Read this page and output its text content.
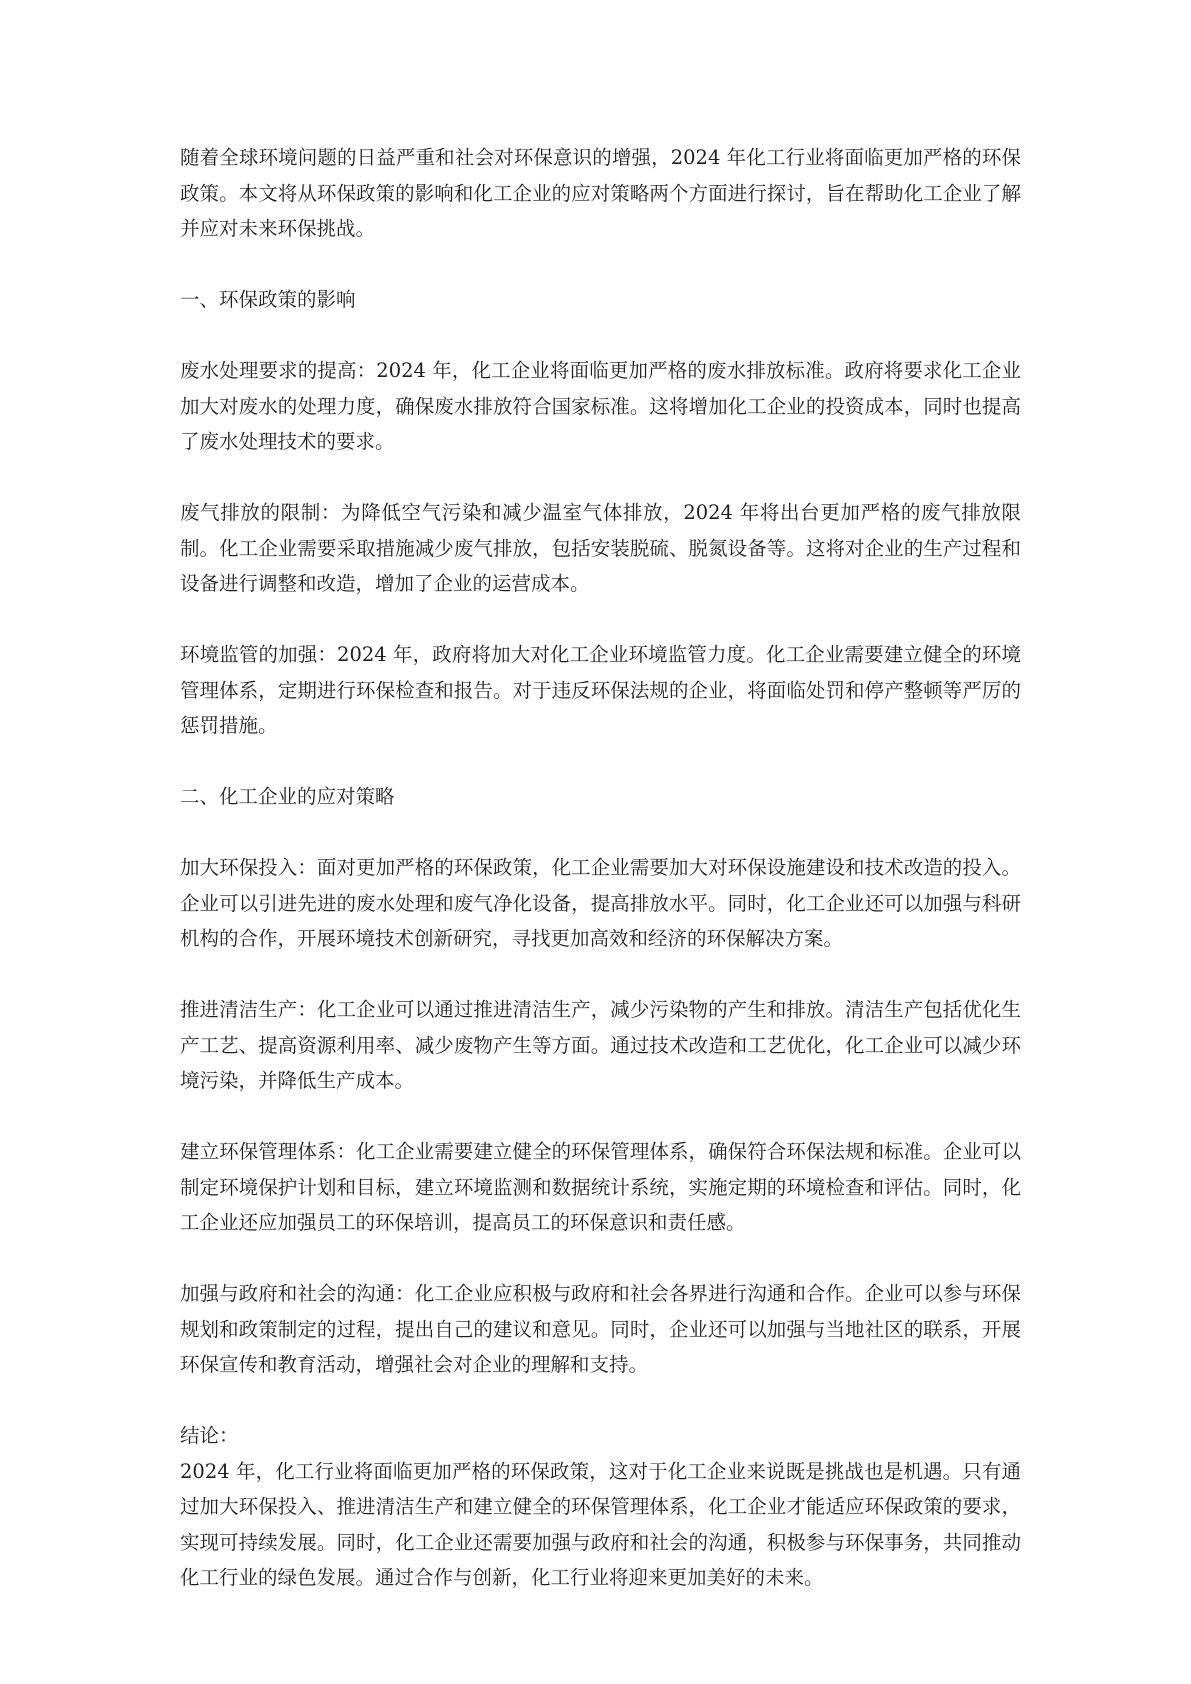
随着全球环境问题的日益严重和社会对环保意识的增强，2024 年化工行业将面临更加严格的环保政策。本文将从环保政策的影响和化工企业的应对策略两个方面进行探讨，旨在帮助化工企业了解并应对未来环保挑战。

一、环保政策的影响

废水处理要求的提高：2024 年，化工企业将面临更加严格的废水排放标准。政府将要求化工企业加大对废水的处理力度，确保废水排放符合国家标准。这将增加化工企业的投资成本，同时也提高了废水处理技术的要求。

废气排放的限制：为降低空气污染和减少温室气体排放，2024 年将出台更加严格的废气排放限制。化工企业需要采取措施减少废气排放，包括安装脱硫、脱氮设备等。这将对企业的生产过程和设备进行调整和改造，增加了企业的运营成本。

环境监管的加强：2024 年，政府将加大对化工企业环境监管力度。化工企业需要建立健全的环境管理体系，定期进行环保检查和报告。对于违反环保法规的企业，将面临处罚和停产整顿等严厉的惩罚措施。

二、化工企业的应对策略

加大环保投入：面对更加严格的环保政策，化工企业需要加大对环保设施建设和技术改造的投入。企业可以引进先进的废水处理和废气净化设备，提高排放水平。同时，化工企业还可以加强与科研机构的合作，开展环境技术创新研究，寻找更加高效和经济的环保解决方案。

推进清洁生产：化工企业可以通过推进清洁生产，减少污染物的产生和排放。清洁生产包括优化生产工艺、提高资源利用率、减少废物产生等方面。通过技术改造和工艺优化，化工企业可以减少环境污染，并降低生产成本。

建立环保管理体系：化工企业需要建立健全的环保管理体系，确保符合环保法规和标准。企业可以制定环境保护计划和目标，建立环境监测和数据统计系统，实施定期的环境检查和评估。同时，化工企业还应加强员工的环保培训，提高员工的环保意识和责任感。

加强与政府和社会的沟通：化工企业应积极与政府和社会各界进行沟通和合作。企业可以参与环保规划和政策制定的过程，提出自己的建议和意见。同时，企业还可以加强与当地社区的联系，开展环保宣传和教育活动，增强社会对企业的理解和支持。

结论：

2024 年，化工行业将面临更加严格的环保政策，这对于化工企业来说既是挑战也是机遇。只有通过加大环保投入、推进清洁生产和建立健全的环保管理体系，化工企业才能适应环保政策的要求，实现可持续发展。同时，化工企业还需要加强与政府和社会的沟通，积极参与环保事务，共同推动化工行业的绿色发展。通过合作与创新，化工行业将迎来更加美好的未来。
